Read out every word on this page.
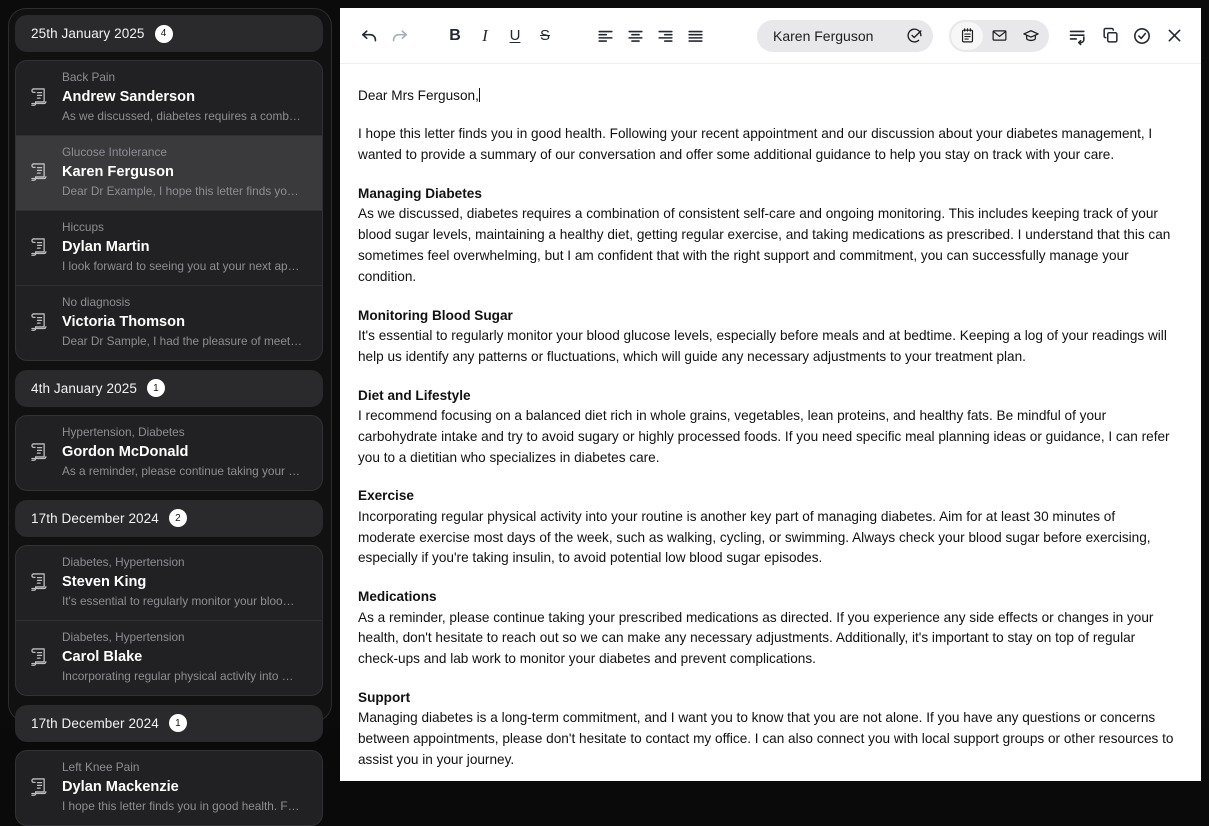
25th January 2025	4
Back Pain
Andrew Sanderson
As we discussed, diabetes requires a comb…
Glucose Intolerance
Karen Ferguson
Dear Dr Example, I hope this letter finds yo…
Hiccups
Dylan Martin
I look forward to seeing you at your next ap…
No diagnosis
Victoria Thomson
Dear Dr Sample, I had the pleasure of meet…
4th January 2025	1
Hypertension, Diabetes
Gordon McDonald
As a reminder, please continue taking your …
17th December 2024	2
Diabetes, Hypertension
Steven King
It's essential to regularly monitor your bloo…
Diabetes, Hypertension
Carol Blake
Incorporating regular physical activity into …
17th December 2024	1
Left Knee Pain
Dylan Mackenzie
I hope this letter finds you in good health. F…
B I U S	Karen Ferguson
Dear Mrs Ferguson,
I hope this letter finds you in good health. Following your recent appointment and our discussion about your diabetes management, I wanted to provide a summary of our conversation and offer some additional guidance to help you stay on track with your care.
Managing Diabetes
As we discussed, diabetes requires a combination of consistent self-care and ongoing monitoring. This includes keeping track of your blood sugar levels, maintaining a healthy diet, getting regular exercise, and taking medications as prescribed. I understand that this can sometimes feel overwhelming, but I am confident that with the right support and commitment, you can successfully manage your condition.
Monitoring Blood Sugar
It's essential to regularly monitor your blood glucose levels, especially before meals and at bedtime. Keeping a log of your readings will help us identify any patterns or fluctuations, which will guide any necessary adjustments to your treatment plan.
Diet and Lifestyle
I recommend focusing on a balanced diet rich in whole grains, vegetables, lean proteins, and healthy fats. Be mindful of your carbohydrate intake and try to avoid sugary or highly processed foods. If you need specific meal planning ideas or guidance, I can refer you to a dietitian who specializes in diabetes care.
Exercise
Incorporating regular physical activity into your routine is another key part of managing diabetes. Aim for at least 30 minutes of moderate exercise most days of the week, such as walking, cycling, or swimming. Always check your blood sugar before exercising, especially if you're taking insulin, to avoid potential low blood sugar episodes.
Medications
As a reminder, please continue taking your prescribed medications as directed. If you experience any side effects or changes in your health, don't hesitate to reach out so we can make any necessary adjustments. Additionally, it's important to stay on top of regular check-ups and lab work to monitor your diabetes and prevent complications.
Support
Managing diabetes is a long-term commitment, and I want you to know that you are not alone. If you have any questions or concerns between appointments, please don't hesitate to contact my office. I can also connect you with local support groups or other resources to assist you in your journey.
